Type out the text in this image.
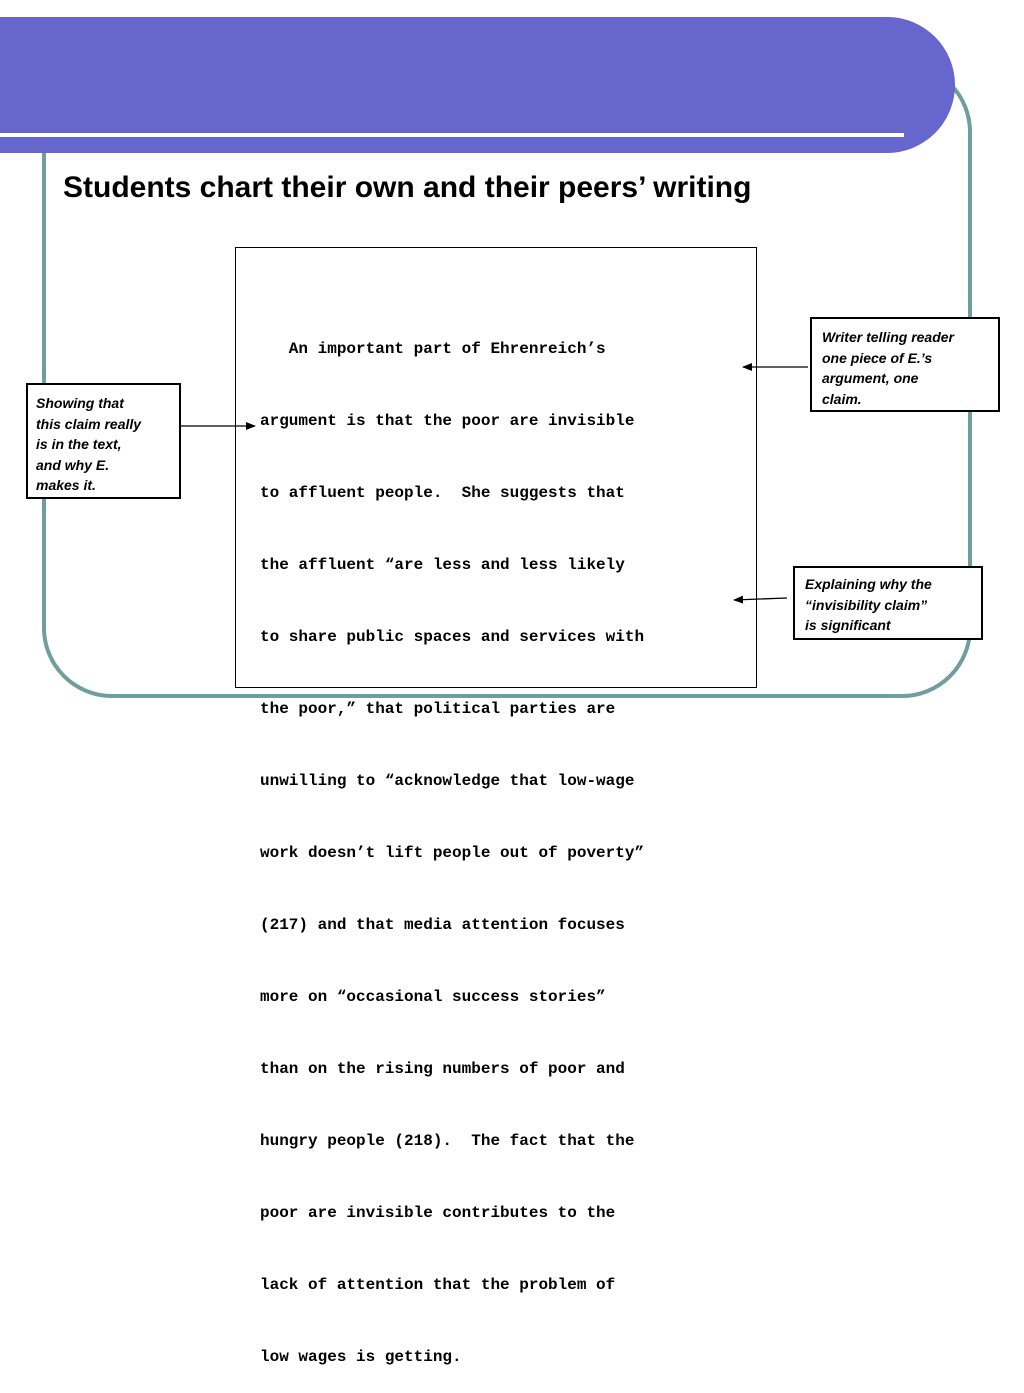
Students chart their own and their peers’ writing

An important part of Ehrenreich’s

argument is that the poor are invisible

to affluent people.  She suggests that

the affluent “are less and less likely

to share public spaces and services with

the poor,” that political parties are

unwilling to “acknowledge that low-wage

work doesn’t lift people out of poverty”

(217) and that media attention focuses

more on “occasional success stories”

than on the rising numbers of poor and

hungry people (218).  The fact that the

poor are invisible contributes to the

lack of attention that the problem of

low wages is getting.

Showing that
this claim really
is in the text,
and why E.
makes it.
Writer telling reader
one piece of E.’s
argument, one
claim.
Explaining why the
“invisibility claim”
is significant
